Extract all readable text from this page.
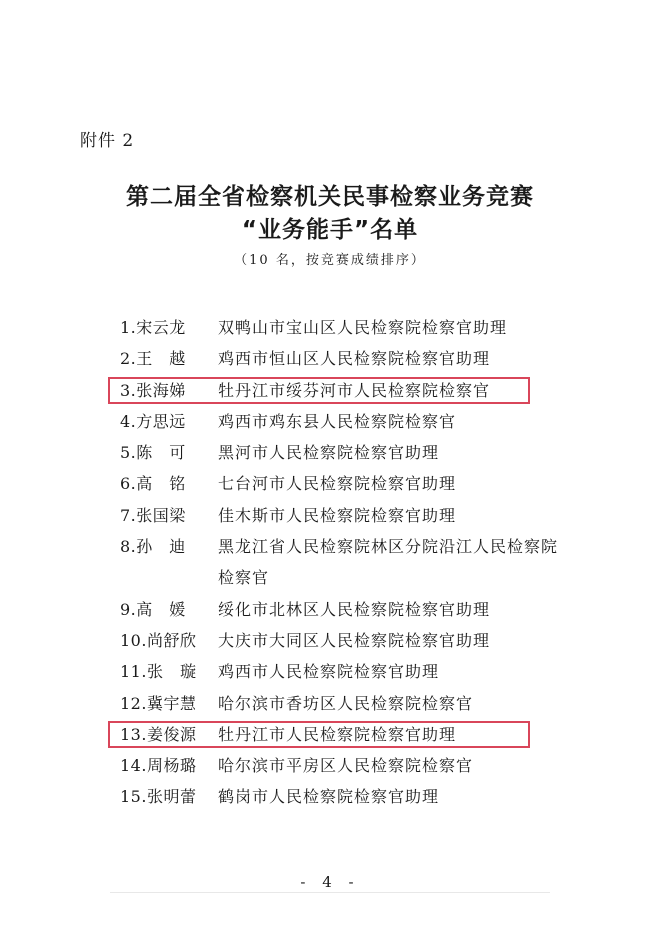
附件 2
第二届全省检察机关民事检察业务竞赛
“业务能手”名单
（10 名，按竞赛成绩排序）
1.宋云龙	双鸭山市宝山区人民检察院检察官助理
2.王　越	鸡西市恒山区人民检察院检察官助理
3.张海娣	牡丹江市绥芬河市人民检察院检察官
4.方思远	鸡西市鸡东县人民检察院检察官
5.陈　可	黑河市人民检察院检察官助理
6.高　铭	七台河市人民检察院检察官助理
7.张国梁	佳木斯市人民检察院检察官助理
8.孙　迪	黑龙江省人民检察院林区分院沿江人民检察院
检察官
9.高　媛	绥化市北林区人民检察院检察官助理
10.尚舒欣	大庆市大同区人民检察院检察官助理
11.张　璇	鸡西市人民检察院检察官助理
12.冀宇慧	哈尔滨市香坊区人民检察院检察官
13.姜俊源	牡丹江市人民检察院检察官助理
14.周杨璐	哈尔滨市平房区人民检察院检察官
15.张明蕾	鹤岗市人民检察院检察官助理
- 4 -
